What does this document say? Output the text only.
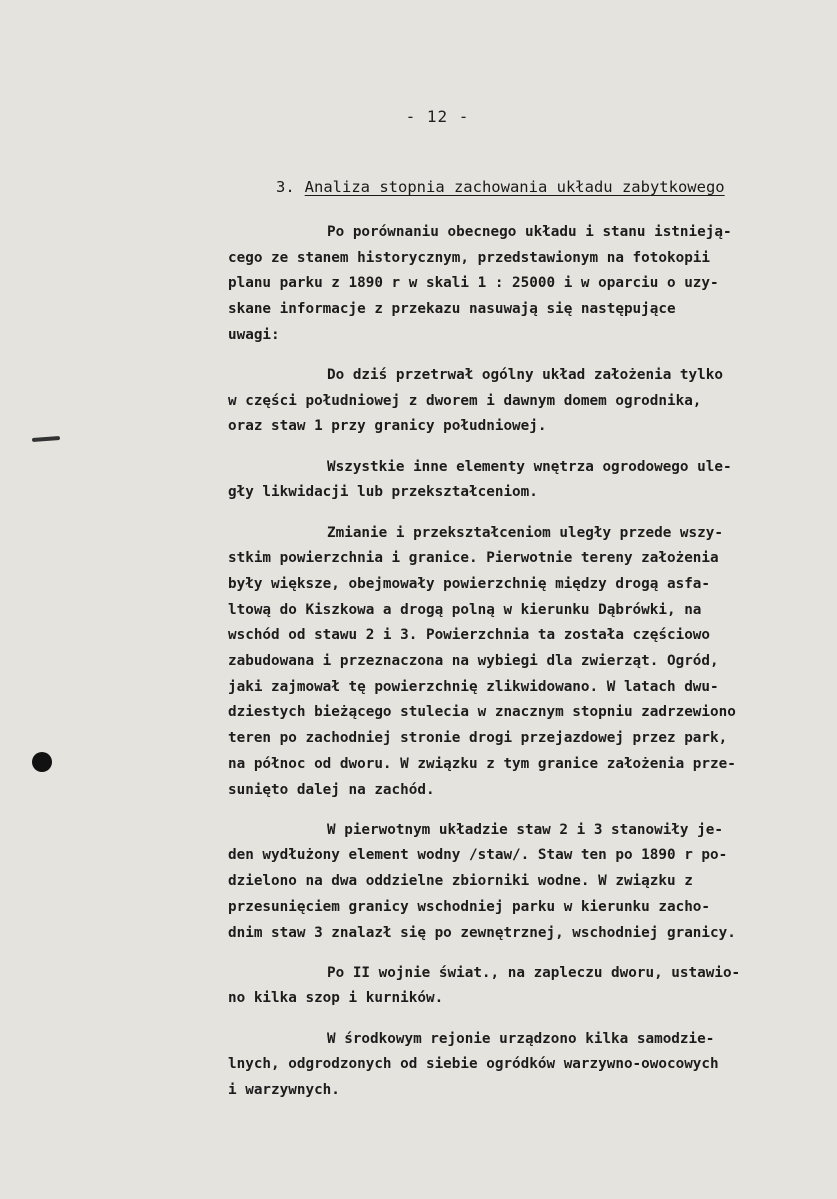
- 12 -
3. Analiza stopnia zachowania układu zabytkowego
Po porównaniu obecnego układu i stanu istnieją-
cego ze stanem historycznym, przedstawionym na fotokopii
planu parku z 1890 r w skali 1 : 25000 i w oparciu o uzy-
skane informacje z przekazu nasuwają się następujące
uwagi:
Do dziś przetrwał ogólny układ założenia tylko
w części południowej z dworem i dawnym domem ogrodnika,
oraz staw 1 przy granicy południowej.
Wszystkie inne elementy wnętrza ogrodowego ule-
gły likwidacji lub przekształceniom.
Zmianie i przekształceniom uległy przede wszy-
stkim powierzchnia i granice. Pierwotnie tereny założenia
były większe, obejmowały powierzchnię między drogą asfa-
ltową do Kiszkowa a drogą polną w kierunku Dąbrówki, na
wschód od stawu 2 i 3. Powierzchnia ta została częściowo
zabudowana i przeznaczona na wybiegi dla zwierząt. Ogród,
jaki zajmował tę powierzchnię zlikwidowano. W latach dwu-
dziestych bieżącego stulecia w znacznym stopniu zadrzewiono
teren po zachodniej stronie drogi przejazdowej przez park,
na północ od dworu. W związku z tym granice założenia prze-
sunięto dalej na zachód.
W pierwotnym układzie staw 2 i 3 stanowiły je-
den wydłużony element wodny /staw/. Staw ten po 1890 r po-
dzielono na dwa oddzielne zbiorniki wodne. W związku z
przesunięciem granicy wschodniej parku w kierunku zacho-
dnim staw 3 znalazł się po zewnętrznej, wschodniej granicy.
Po II wojnie świat., na zapleczu dworu, ustawio-
no kilka szop i kurników.
W środkowym rejonie urządzono kilka samodzie-
lnych, odgrodzonych od siebie ogródków warzywno-owocowych
i warzywnych.
